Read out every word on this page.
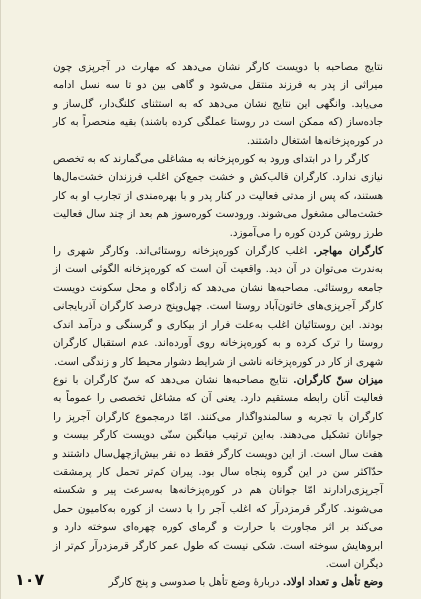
نتایج مصاحبه با دویست کارگر نشان می‌دهد که مهارت در آجرپزی چون میراثی از پدر به فرزند منتقل می‌شود و گاهی بین دو تا سه نسل ادامه می‌یابد. وانگهی این نتایج نشان می‌دهد که به استثنای کلنگ‌دار، گل‌ساز و جاده‌ساز (که ممکن است در روستا عملگی کرده باشند) بقیه منحصراً به کار در کوره‌پزخانه‌ها اشتغال داشتند.

کارگر را در ابتدای ورود به کوره‌پزخانه به مشاغلی می‌گمارند که به تخصص نیازی ندارد. کارگران قالب‌کش و خشت جمع‌کن اغلب فرزندان خشت‌مال‌ها هستند، که پس از مدتی فعالیت در کنار پدر و با بهره‌مندی از تجارب او به کار خشت‌مالی مشغول می‌شوند. ورودست کوره‌سوز هم بعد از چند سال فعالیت طرز روشن کردن کوره را می‌آموزد.

کارگران مهاجر. اغلب کارگران کوره‌پزخانه روستائی‌اند. وکارگر شهری را به‌ندرت می‌توان در آن دید. واقعیت آن است که کوره‌پزخانه الگوئی است از جامعه روستائی. مصاحبه‌ها نشان می‌دهد که زادگاه و محل سکونت دویست کارگر آجرپزی‌های خاتون‌آباد روستا است. چهل‌وپنج درصد کارگران آذربایجانی بودند. این روستائیان اغلب به‌علت فرار از بیکاری و گرسنگی و درآمد اندک روستا را ترک کرده و به کوره‌پزخانه روی آورده‌اند. عدم استقبال کارگران شهری از کار در کوره‌پزخانه ناشی از شرایط دشوار محیط کار و زندگی است.

میزان سنّ کارگران. نتایج مصاحبه‌ها نشان می‌دهد که سنّ کارگران با نوع فعالیت آنان رابطه مستقیم دارد. یعنی آن که مشاغل تخصصی را عموماً به کارگران با تجربه و سالمندواگذار می‌کنند. امّا درمجموع کارگران آجرپز را جوانان تشکیل می‌دهند. به‌این ترتیب میانگین سنّی دویست کارگر بیست و هفت سال است. از این دویست کارگر فقط ده نفر بیش‌ازچهل‌سال داشتند و حدّاکثر سن در این گروه پنجاه سال بود. پیران کم‌تر تحمل کار پرمشقت آجرپزی‌رادارند امّا جوانان هم در کوره‌پزخانه‌ها به‌سرعت پیر و شکسته می‌شوند. کارگر قرمزدرآر که اغلب آجر را با دست از کوره به‌کامیون حمل می‌کند بر اثر مجاورت با حرارت و گرمای کوره چهره‌ای سوخته دارد و ابروهایش سوخته است. شکی نیست که طول عمر کارگر قرمزدرآر کم‌تر از دیگران است.

وضع تأهل و تعداد اولاد. دربارهٔ وضع تأهل با صدوسی و پنج کارگر

۱۰۷
